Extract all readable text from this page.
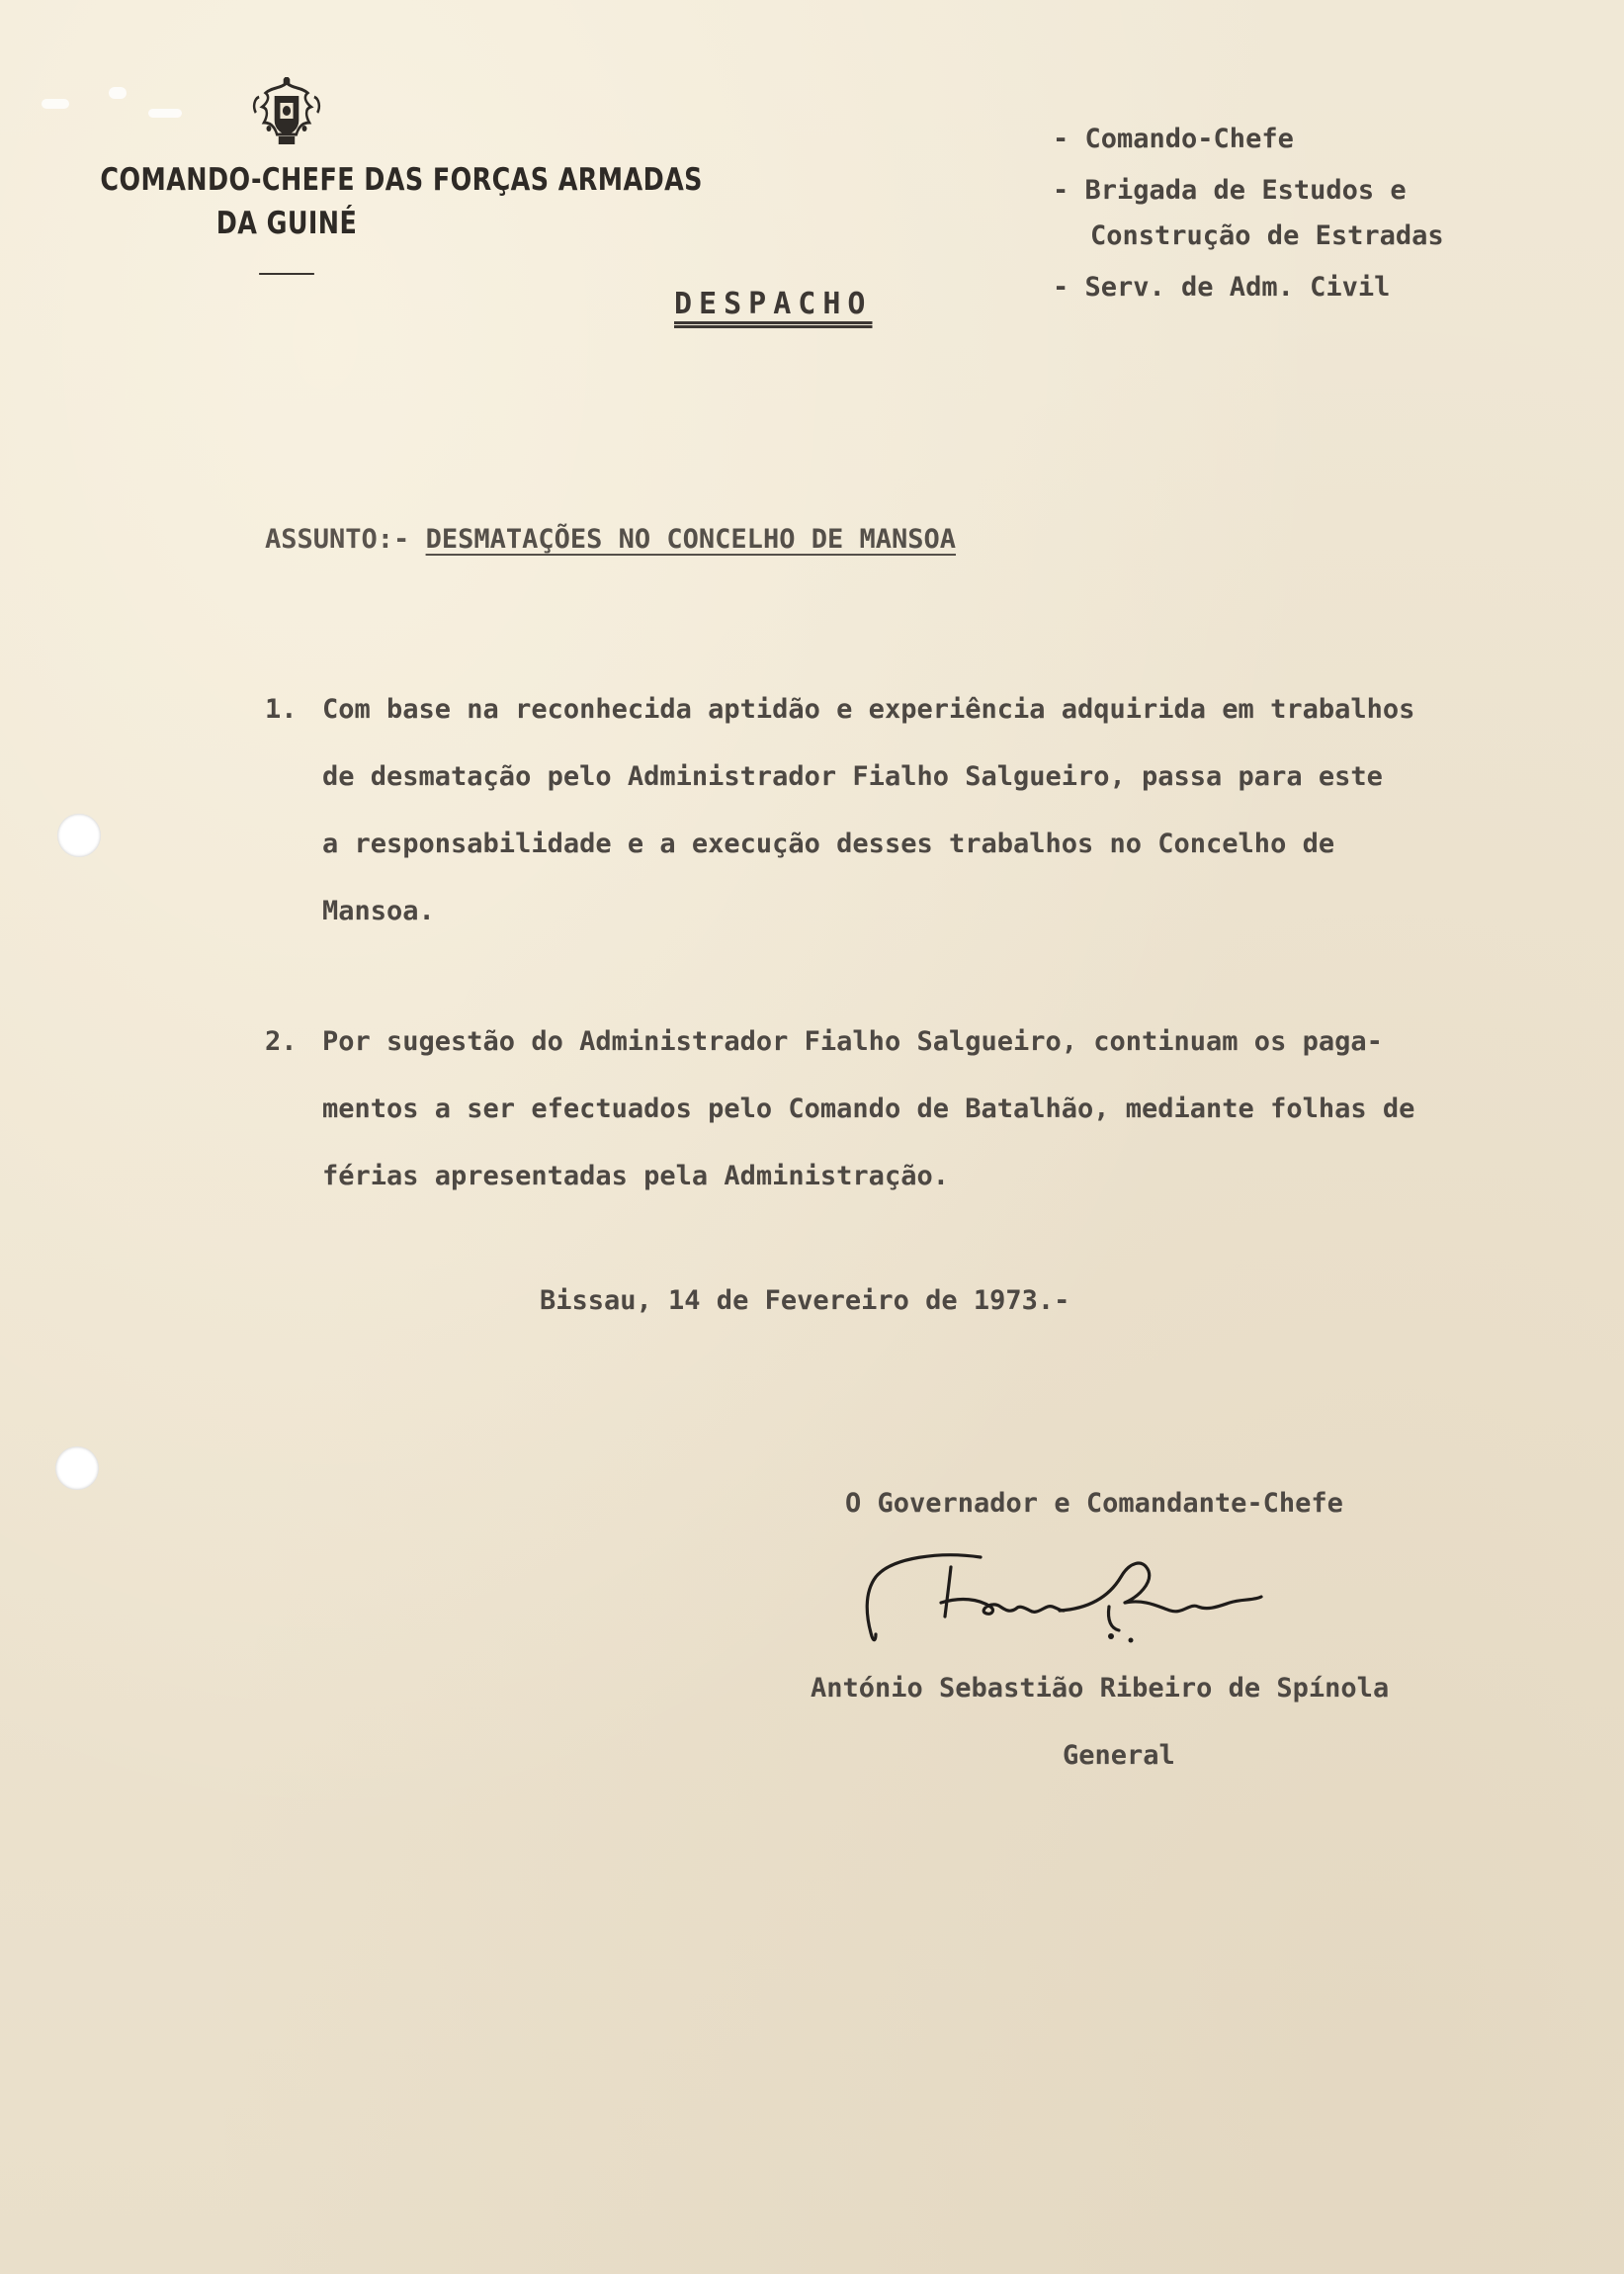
COMANDO-CHEFE DAS FORÇAS ARMADAS
DA GUINÉ
- Comando-Chefe
- Brigada de Estudos e
Construção de Estradas
- Serv. de Adm. Civil
DESPACHO
ASSUNTO:- DESMATAÇÕES NO CONCELHO DE MANSOA
1. Com base na reconhecida aptidão e experiência adquirida em trabalhos
de desmatação pelo Administrador Fialho Salgueiro, passa para este
a responsabilidade e a execução desses trabalhos no Concelho de
Mansoa.
2. Por sugestão do Administrador Fialho Salgueiro, continuam os paga-
mentos a ser efectuados pelo Comando de Batalhão, mediante folhas de
férias apresentadas pela Administração.
Bissau, 14 de Fevereiro de 1973.-
O Governador e Comandante-Chefe
António Sebastião Ribeiro de Spínola
General
